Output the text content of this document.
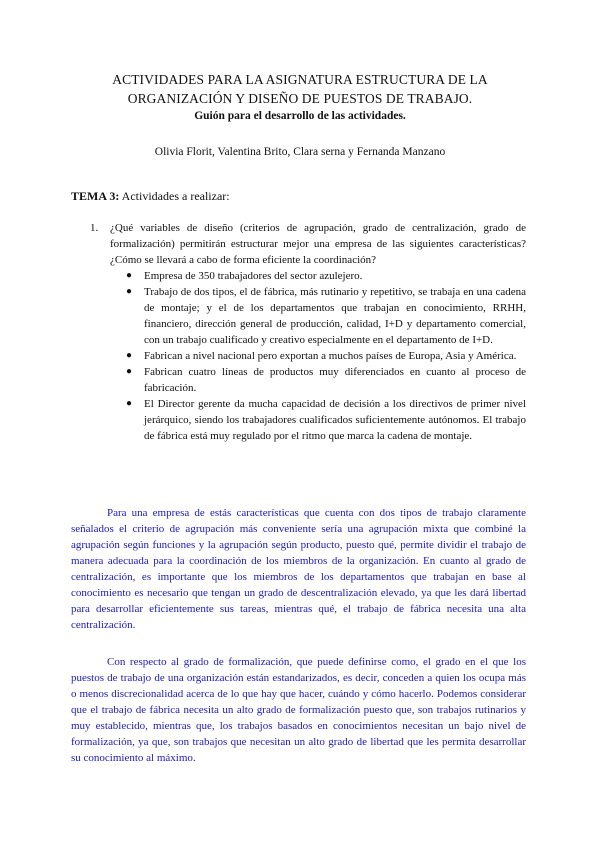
ACTIVIDADES PARA LA ASIGNATURA ESTRUCTURA DE LA
ORGANIZACIÓN Y DISEÑO DE PUESTOS DE TRABAJO.
Guión para el desarrollo de las actividades.
Olivia Florit, Valentina Brito, Clara serna y Fernanda Manzano
TEMA 3: Actividades a realizar:
1. ¿Qué variables de diseño (criterios de agrupación, grado de centralización, grado de formalización) permitirán estructurar mejor una empresa de las siguientes características? ¿Cómo se llevará a cabo de forma eficiente la coordinación?
● Empresa de 350 trabajadores del sector azulejero.
● Trabajo de dos tipos, el de fábrica, más rutinario y repetitivo, se trabaja en una cadena de montaje; y el de los departamentos que trabajan en conocimiento, RRHH, financiero, dirección general de producción, calidad, I+D y departamento comercial, con un trabajo cualificado y creativo especialmente en el departamento de I+D.
● Fabrican a nivel nacional pero exportan a muchos países de Europa, Asia y América.
● Fabrican cuatro líneas de productos muy diferenciados en cuanto al proceso de fabricación.
● El Director gerente da mucha capacidad de decisión a los directivos de primer nivel jerárquico, siendo los trabajadores cualificados suficientemente autónomos. El trabajo de fábrica está muy regulado por el ritmo que marca la cadena de montaje.

Para una empresa de estás características que cuenta con dos tipos de trabajo claramente señalados el criterio de agrupación más conveniente sería una agrupación mixta que combiné la agrupación según funciones y la agrupación según producto, puesto qué, permite dividir el trabajo de manera adecuada para la coordinación de los miembros de la organización. En cuanto al grado de centralización, es importante que los miembros de los departamentos que trabajan en base al conocimiento es necesario que tengan un grado de descentralización elevado, ya que les dará libertad para desarrollar eficientemente sus tareas, mientras qué, el trabajo de fábrica necesita una alta centralización.

Con respecto al grado de formalización, que puede definirse como, el grado en el que los puestos de trabajo de una organización están estandarizados, es decir, conceden a quien los ocupa más o menos discrecionalidad acerca de lo que hay que hacer, cuándo y cómo hacerlo. Podemos considerar que el trabajo de fábrica necesita un alto grado de formalización puesto que, son trabajos rutinarios y muy establecido, mientras que, los trabajos basados en conocimientos necesitan un bajo nivel de formalización, ya que, son trabajos que necesitan un alto grado de libertad que les permita desarrollar su conocimiento al máximo.
